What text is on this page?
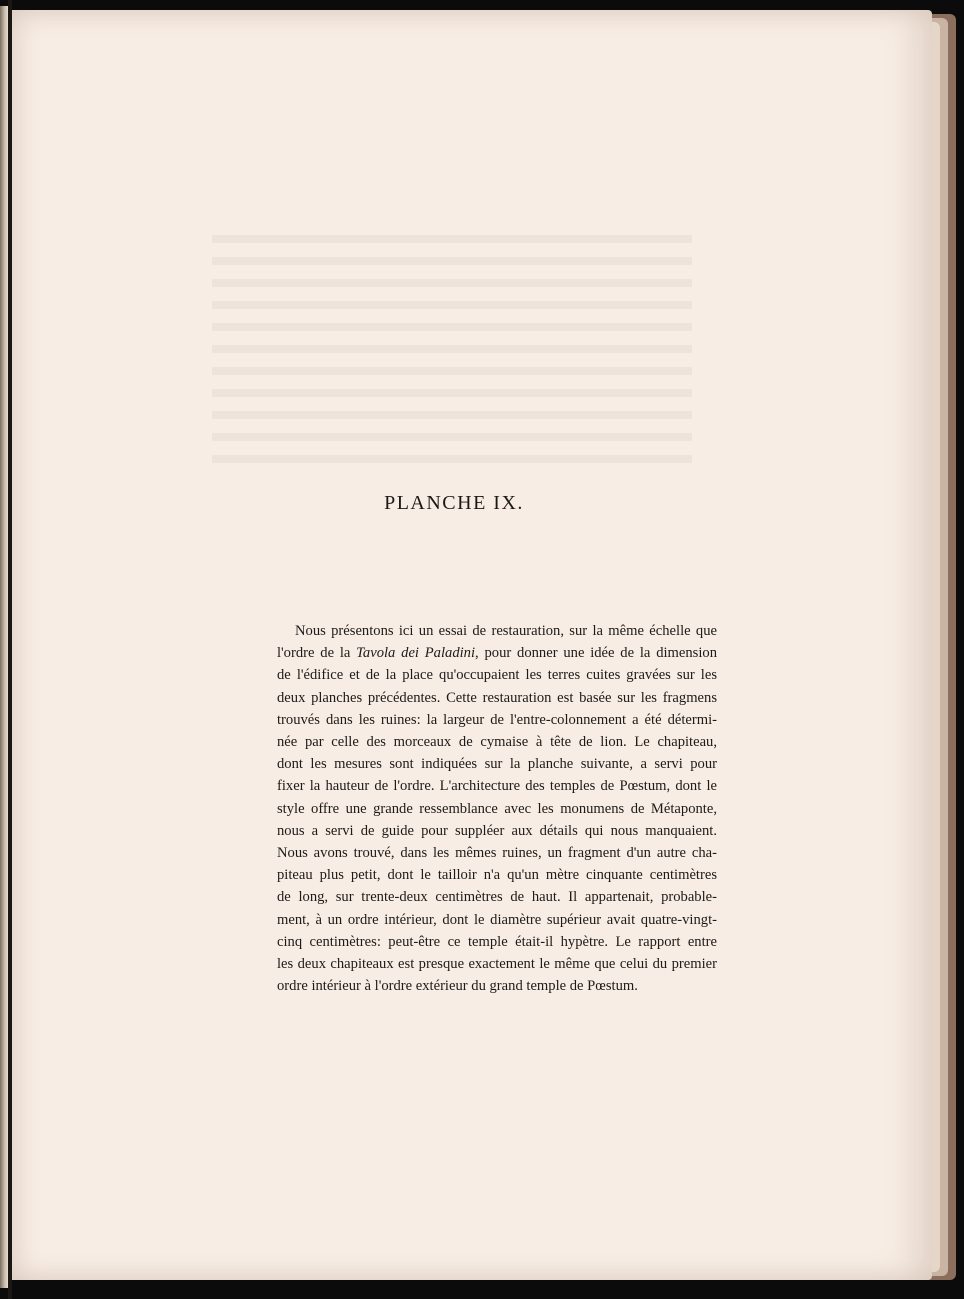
PLANCHE IX.
Nous présentons ici un essai de restauration, sur la même échelle que
l'ordre de la Tavola dei Paladini, pour donner une idée de la dimension
de l'édifice et de la place qu'occupaient les terres cuites gravées sur les
deux planches précédentes. Cette restauration est basée sur les fragmens
trouvés dans les ruines: la largeur de l'entre-colonnement a été détermi-
née par celle des morceaux de cymaise à tête de lion. Le chapiteau,
dont les mesures sont indiquées sur la planche suivante, a servi pour
fixer la hauteur de l'ordre. L'architecture des temples de Pœstum, dont le
style offre une grande ressemblance avec les monumens de Métaponte,
nous a servi de guide pour suppléer aux détails qui nous manquaient.
Nous avons trouvé, dans les mêmes ruines, un fragment d'un autre cha-
piteau plus petit, dont le tailloir n'a qu'un mètre cinquante centimètres
de long, sur trente-deux centimètres de haut. Il appartenait, probable-
ment, à un ordre intérieur, dont le diamètre supérieur avait quatre-vingt-
cinq centimètres: peut-être ce temple était-il hypètre. Le rapport entre
les deux chapiteaux est presque exactement le même que celui du premier
ordre intérieur à l'ordre extérieur du grand temple de Pœstum.
